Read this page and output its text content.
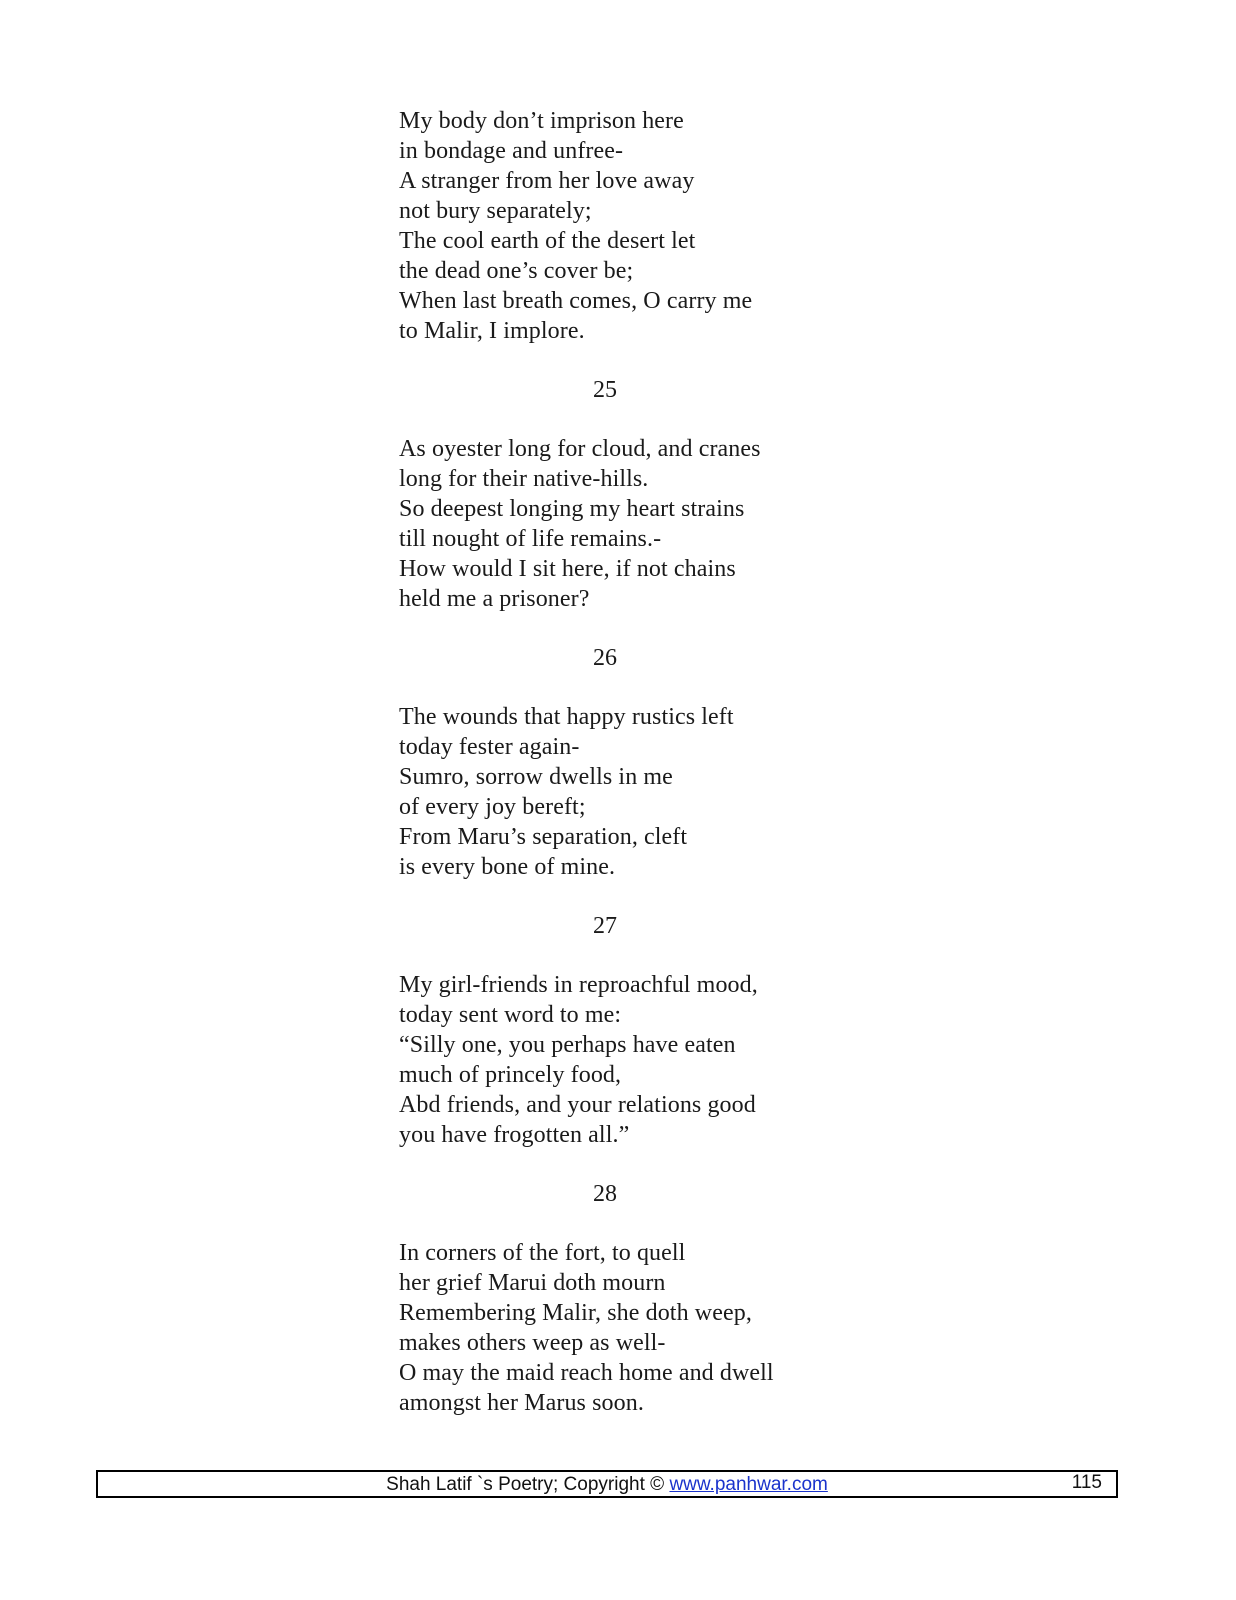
My body don’t imprison here
in bondage and unfree-
A stranger from her love away
not bury separately;
The cool earth of the desert let
the dead one’s cover be;
When last breath comes, O carry me
to Malir, I implore.
25
As oyester long for cloud, and cranes
long for their native-hills.
So deepest longing my heart strains
till nought of life remains.-
How would I sit here, if not chains
held me a prisoner?
26
The wounds that happy rustics left
today fester again-
Sumro, sorrow dwells in me
of every joy bereft;
From Maru’s separation, cleft
is every bone of mine.
27
My girl-friends in reproachful mood,
today sent word to me:
“Silly one, you perhaps have eaten
much of princely food,
Abd friends, and your relations good
you have frogotten all.”
28
In corners of the fort, to quell
her grief Marui doth mourn
Remembering Malir, she doth weep,
makes others weep as well-
O may the maid reach home and dwell
amongst her Marus soon.
Shah Latif `s Poetry; Copyright © www.panhwar.com	115
